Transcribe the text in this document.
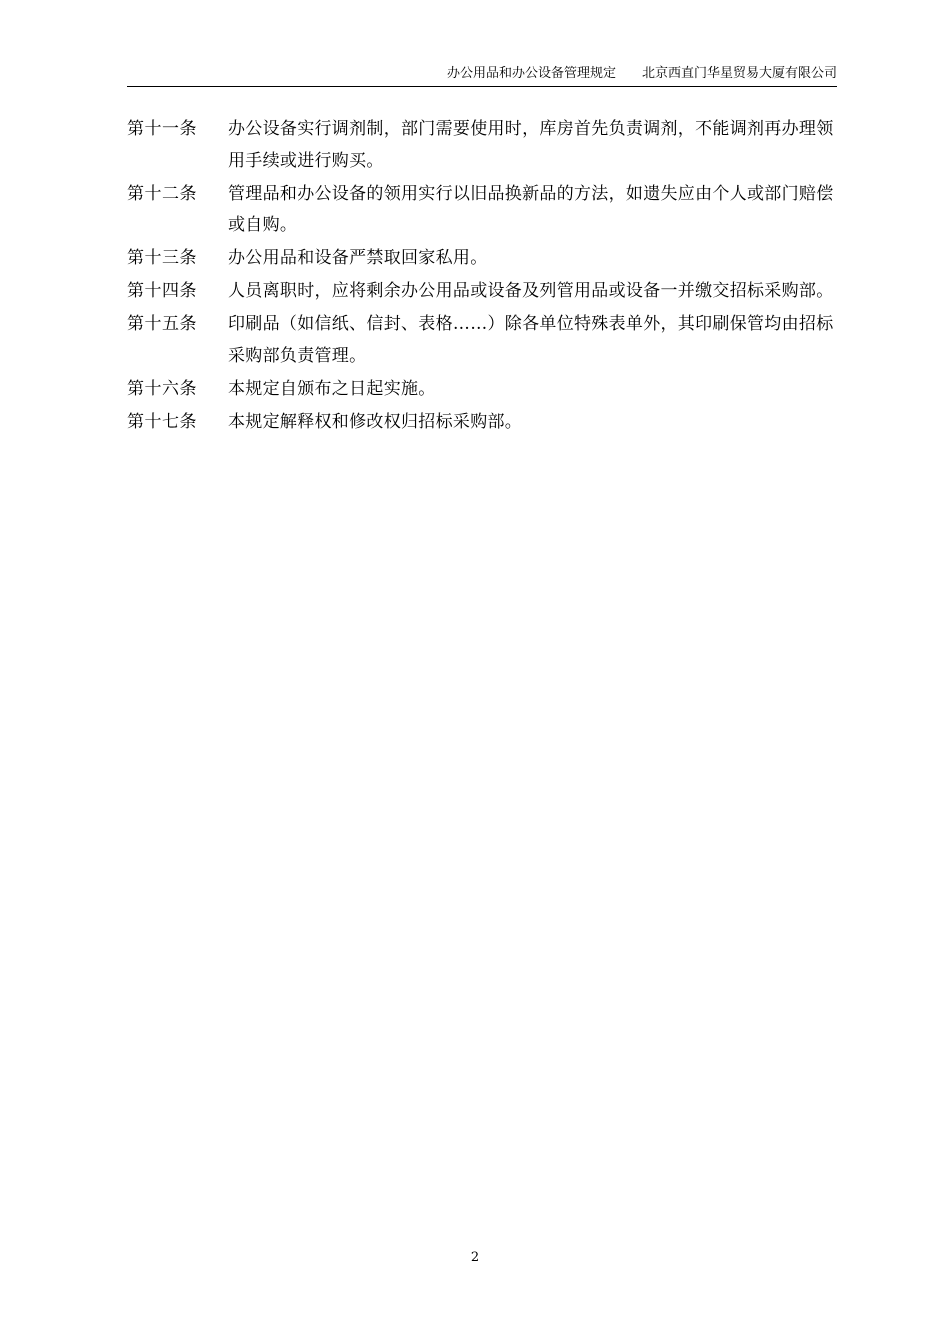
办公用品和办公设备管理规定 北京西直门华星贸易大厦有限公司
第十一条	办公设备实行调剂制，部门需要使用时，库房首先负责调剂，不能调剂再办理领用手续或进行购买。
第十二条	管理品和办公设备的领用实行以旧品换新品的方法，如遗失应由个人或部门赔偿或自购。
第十三条	办公用品和设备严禁取回家私用。
第十四条	人员离职时，应将剩余办公用品或设备及列管用品或设备一并缴交招标采购部。
第十五条	印刷品（如信纸、信封、表格……）除各单位特殊表单外，其印刷保管均由招标采购部负责管理。
第十六条	本规定自颁布之日起实施。
第十七条	本规定解释权和修改权归招标采购部。
2
